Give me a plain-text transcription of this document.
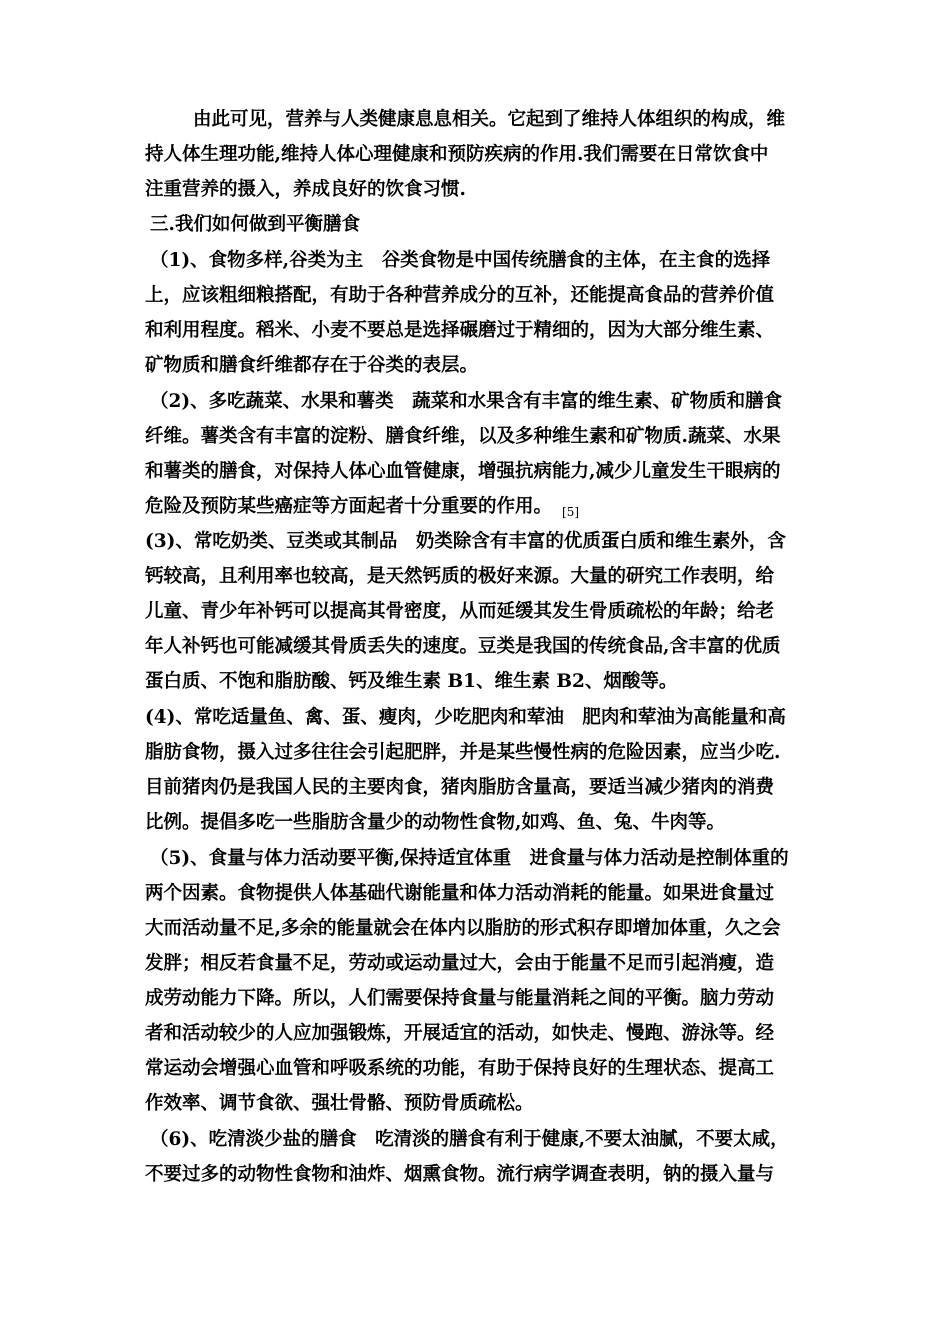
由此可见，营养与人类健康息息相关。它起到了维持人体组织的构成，维
持人体生理功能,维持人体心理健康和预防疾病的作用.我们需要在日常饮食中
注重营养的摄入，养成良好的饮食习惯.
三.我们如何做到平衡膳食
（1)、食物多样,谷类为主　谷类食物是中国传统膳食的主体，在主食的选择
上，应该粗细粮搭配，有助于各种营养成分的互补，还能提高食品的营养价值
和利用程度。稻米、小麦不要总是选择碾磨过于精细的，因为大部分维生素、
矿物质和膳食纤维都存在于谷类的表层。
（2)、多吃蔬菜、水果和薯类　蔬菜和水果含有丰富的维生素、矿物质和膳食
纤维。薯类含有丰富的淀粉、膳食纤维，以及多种维生素和矿物质.蔬菜、水果
和薯类的膳食，对保持人体心血管健康，增强抗病能力,减少儿童发生干眼病的
危险及预防某些癌症等方面起者十分重要的作用。 $_{[5]}$
(3)、常吃奶类、豆类或其制品　奶类除含有丰富的优质蛋白质和维生素外，含
钙较高，且利用率也较高，是天然钙质的极好来源。大量的研究工作表明，给
儿童、青少年补钙可以提高其骨密度，从而延缓其发生骨质疏松的年龄；给老
年人补钙也可能减缓其骨质丢失的速度。豆类是我国的传统食品,含丰富的优质
蛋白质、不饱和脂肪酸、钙及维生素 B1、维生素 B2、烟酸等。
(4)、常吃适量鱼、禽、蛋、瘦肉，少吃肥肉和荤油　肥肉和荤油为高能量和高
脂肪食物，摄入过多往往会引起肥胖，并是某些慢性病的危险因素，应当少吃.
目前猪肉仍是我国人民的主要肉食，猪肉脂肪含量高，要适当减少猪肉的消费
比例。提倡多吃一些脂肪含量少的动物性食物,如鸡、鱼、兔、牛肉等。
（5)、食量与体力活动要平衡,保持适宜体重　进食量与体力活动是控制体重的
两个因素。食物提供人体基础代谢能量和体力活动消耗的能量。如果进食量过
大而活动量不足,多余的能量就会在体内以脂肪的形式积存即增加体重，久之会
发胖；相反若食量不足，劳动或运动量过大，会由于能量不足而引起消瘦，造
成劳动能力下降。所以，人们需要保持食量与能量消耗之间的平衡。脑力劳动
者和活动较少的人应加强锻炼，开展适宜的活动，如快走、慢跑、游泳等。经
常运动会增强心血管和呼吸系统的功能，有助于保持良好的生理状态、提高工
作效率、调节食欲、强壮骨骼、预防骨质疏松。
（6)、吃清淡少盐的膳食　吃清淡的膳食有利于健康,不要太油腻，不要太咸，
不要过多的动物性食物和油炸、烟熏食物。流行病学调查表明，钠的摄入量与
